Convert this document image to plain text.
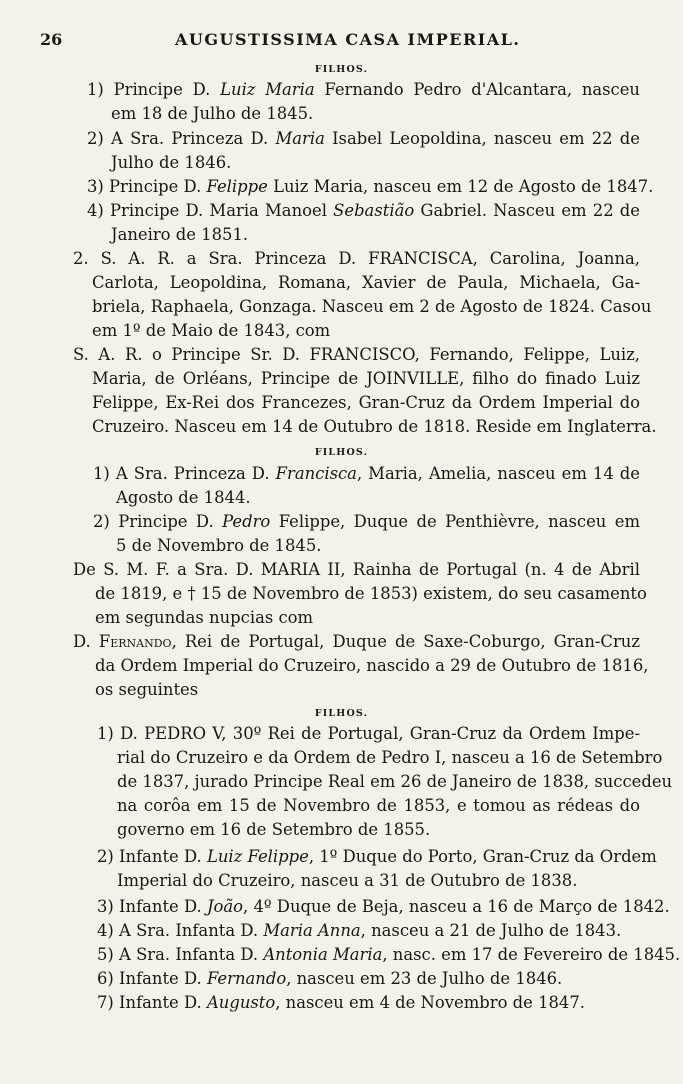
26	AUGUSTISSIMA CASA IMPERIAL.
FILHOS.
1) Principe D. Luiz Maria Fernando Pedro d'Alcantara, nasceu
em 18 de Julho de 1845.
2) A Sra. Princeza D. Maria Isabel Leopoldina, nasceu em 22 de
Julho de 1846.
3) Principe D. Felippe Luiz Maria, nasceu em 12 de Agosto de 1847.
4) Principe D. Maria Manoel Sebastião Gabriel. Nasceu em 22 de
Janeiro de 1851.
2. S. A. R. a Sra. Princeza D. FRANCISCA, Carolina, Joanna,
Carlota, Leopoldina, Romana, Xavier de Paula, Michaela, Ga-
briela, Raphaela, Gonzaga. Nasceu em 2 de Agosto de 1824. Casou
em 1º de Maio de 1843, com
S. A. R. o Principe Sr. D. FRANCISCO, Fernando, Felippe, Luiz,
Maria, de Orléans, Principe de JOINVILLE, filho do finado Luiz
Felippe, Ex-Rei dos Francezes, Gran-Cruz da Ordem Imperial do
Cruzeiro. Nasceu em 14 de Outubro de 1818. Reside em Inglaterra.
FILHOS.
1) A Sra. Princeza D. Francisca, Maria, Amelia, nasceu em 14 de
Agosto de 1844.
2) Principe D. Pedro Felippe, Duque de Penthièvre, nasceu em
5 de Novembro de 1845.
De S. M. F. a Sra. D. MARIA II, Rainha de Portugal (n. 4 de Abril
de 1819, e † 15 de Novembro de 1853) existem, do seu casamento
em segundas nupcias com
D. Fernando, Rei de Portugal, Duque de Saxe-Coburgo, Gran-Cruz
da Ordem Imperial do Cruzeiro, nascido a 29 de Outubro de 1816,
os seguintes
FILHOS.
1) D. PEDRO V, 30º Rei de Portugal, Gran-Cruz da Ordem Impe-
rial do Cruzeiro e da Ordem de Pedro I, nasceu a 16 de Setembro
de 1837, jurado Principe Real em 26 de Janeiro de 1838, succedeu
na corôa em 15 de Novembro de 1853, e tomou as rédeas do
governo em 16 de Setembro de 1855.
2) Infante D. Luiz Felippe, 1º Duque do Porto, Gran-Cruz da Ordem
Imperial do Cruzeiro, nasceu a 31 de Outubro de 1838.
3) Infante D. João, 4º Duque de Beja, nasceu a 16 de Março de 1842.
4) A Sra. Infanta D. Maria Anna, nasceu a 21 de Julho de 1843.
5) A Sra. Infanta D. Antonia Maria, nasc. em 17 de Fevereiro de 1845.
6) Infante D. Fernando, nasceu em 23 de Julho de 1846.
7) Infante D. Augusto, nasceu em 4 de Novembro de 1847.
